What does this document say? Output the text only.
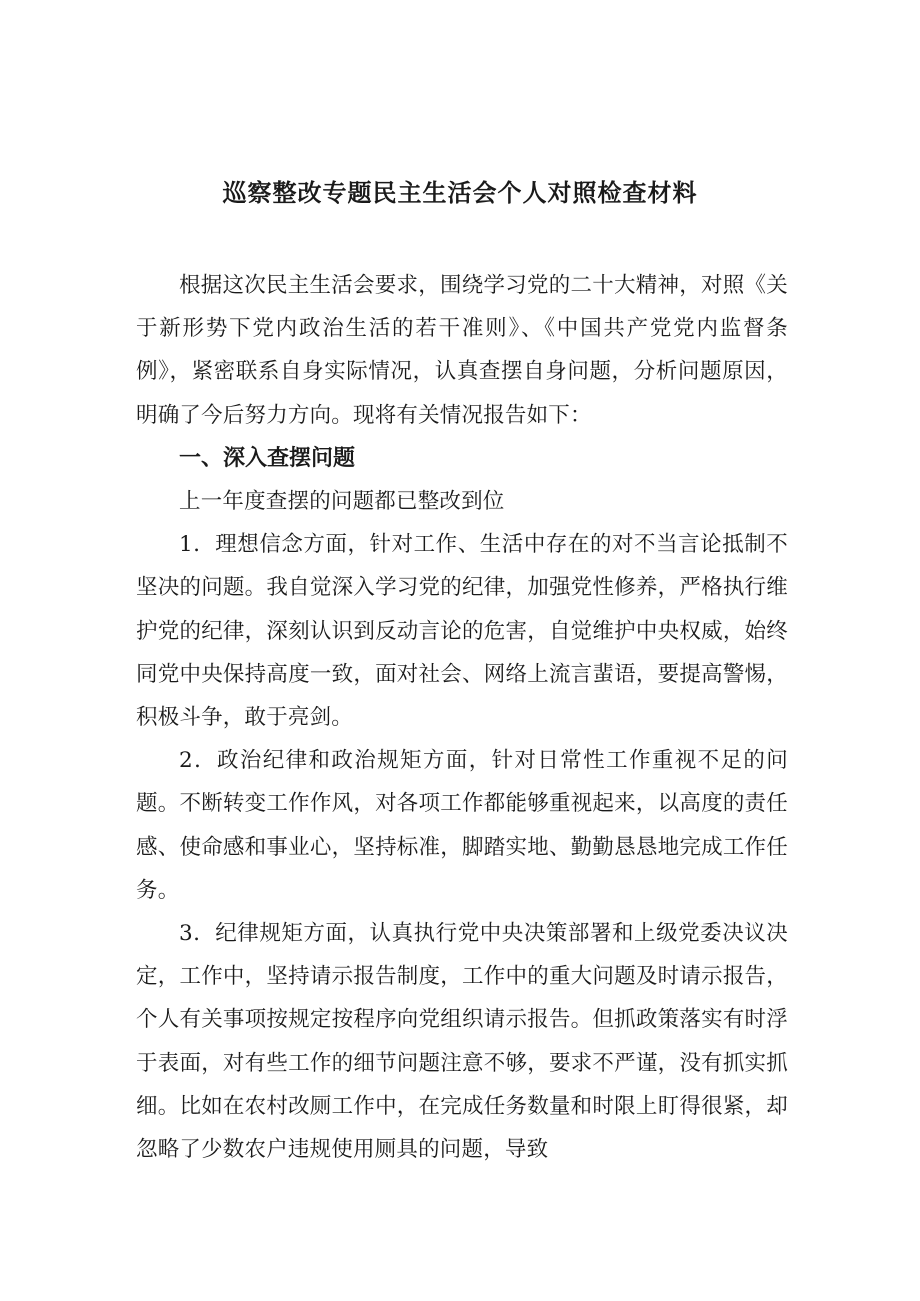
巡察整改专题民主生活会个人对照检查材料

根据这次民主生活会要求，围绕学习党的二十大精神，对照《关于新形势下党内政治生活的若干准则》、《中国共产党党内监督条例》，紧密联系自身实际情况，认真查摆自身问题，分析问题原因，明确了今后努力方向。现将有关情况报告如下：

一、深入查摆问题

上一年度查摆的问题都已整改到位

1．理想信念方面，针对工作、生活中存在的对不当言论抵制不坚决的问题。我自觉深入学习党的纪律，加强党性修养，严格执行维护党的纪律，深刻认识到反动言论的危害，自觉维护中央权威，始终同党中央保持高度一致，面对社会、网络上流言蜚语，要提高警惕，积极斗争，敢于亮剑。

2．政治纪律和政治规矩方面，针对日常性工作重视不足的问题。不断转变工作作风，对各项工作都能够重视起来，以高度的责任感、使命感和事业心，坚持标准，脚踏实地、勤勤恳恳地完成工作任务。

3．纪律规矩方面，认真执行党中央决策部署和上级党委决议决定，工作中，坚持请示报告制度，工作中的重大问题及时请示报告，个人有关事项按规定按程序向党组织请示报告。但抓政策落实有时浮于表面，对有些工作的细节问题注意不够，要求不严谨，没有抓实抓细。比如在农村改厕工作中，在完成任务数量和时限上盯得很紧，却忽略了少数农户违规使用厕具的问题，导致
